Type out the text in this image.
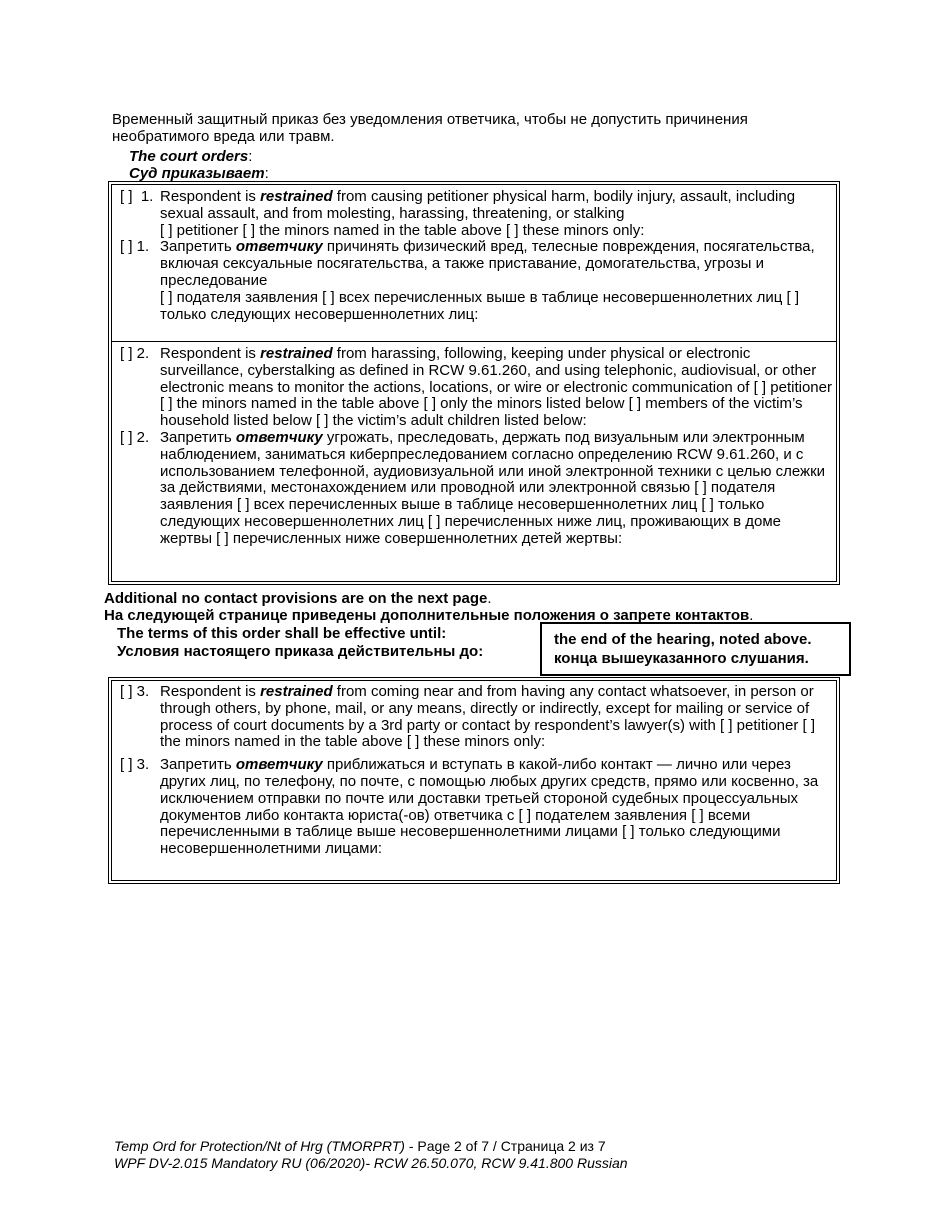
Временный защитный приказ без уведомления ответчика, чтобы не допустить причинения необратимого вреда или травм.
The court orders:
Суд приказывает:
[ ]  1. Respondent is restrained from causing petitioner physical harm, bodily injury, assault, including sexual assault, and from molesting, harassing, threatening, or stalking
[ ] petitioner [ ] the minors named in the table above [ ] these minors only:
[ ] 1. Запретить ответчику причинять физический вред, телесные повреждения, посягательства, включая сексуальные посягательства, а также приставание, домогательства, угрозы и преследование
[ ] подателя заявления [ ] всех перечисленных выше в таблице несовершеннолетних лиц [ ] только следующих несовершеннолетних лиц:
[ ] 2. Respondent is restrained from harassing, following, keeping under physical or electronic surveillance, cyberstalking as defined in RCW 9.61.260, and using telephonic, audiovisual, or other electronic means to monitor the actions, locations, or wire or electronic communication of [ ] petitioner [ ] the minors named in the table above [ ] only the minors listed below [ ] members of the victim’s household listed below [ ] the victim’s adult children listed below:
[ ] 2. Запретить ответчику угрожать, преследовать, держать под визуальным или электронным наблюдением, заниматься киберпреследованием согласно определению RCW 9.61.260, и с использованием телефонной, аудиовизуальной или иной электронной техники с целью слежки за действиями, местонахождением или проводной или электронной связью [ ] подателя заявления [ ] всех перечисленных выше в таблице несовершеннолетних лиц [ ] только следующих несовершеннолетних лиц [ ] перечисленных ниже лиц, проживающих в доме жертвы [ ] перечисленных ниже совершеннолетних детей жертвы:
Additional no contact provisions are on the next page.
На следующей странице приведены дополнительные положения о запрете контактов.
The terms of this order shall be effective until:
Условия настоящего приказа действительны до:
the end of the hearing, noted above.
конца вышеуказанного слушания.
[ ] 3. Respondent is restrained from coming near and from having any contact whatsoever, in person or through others, by phone, mail, or any means, directly or indirectly, except for mailing or service of process of court documents by a 3rd party or contact by respondent’s lawyer(s) with [ ] petitioner [ ] the minors named in the table above [ ] these minors only:
[ ] 3. Запретить ответчику приближаться и вступать в какой-либо контакт — лично или через других лиц, по телефону, по почте, с помощью любых других средств, прямо или косвенно, за исключением отправки по почте или доставки третьей стороной судебных процессуальных документов либо контакта юриста(-ов) ответчика с [ ] подателем заявления [ ] всеми перечисленными в таблице выше несовершеннолетними лицами [ ] только следующими несовершеннолетними лицами:
Temp Ord for Protection/Nt of Hrg (TMORPRT) - Page 2 of 7 / Страница 2 из 7
WPF DV-2.015 Mandatory RU (06/2020)- RCW 26.50.070, RCW 9.41.800 Russian
